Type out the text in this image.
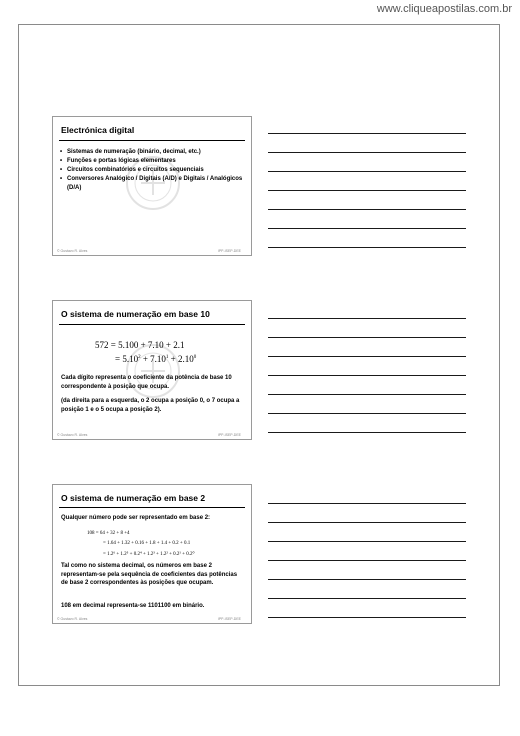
www.cliqueapostilas.com.br
Electrónica digital
• Sistemas de numeração (binário, decimal, etc.)
• Funções e portas lógicas elementares
• Circuitos combinatórios e circuitos sequenciais
• Conversores Analógico / Digitais (A/D) e Digitais / Analógicos (D/A)
© Gustavo R. Alves	IPP-ISEP-DEE
O sistema de numeração em base 10
572 = 5.100 + 7.10 + 2.1
= $5.10^2 + 7.10^1 + 2.10^0$
Cada dígito representa o coeficiente da potência de base 10 correspondente à posição que ocupa.
(da direita para a esquerda, o 2 ocupa a posição 0, o 7 ocupa a posição 1 e o 5 ocupa a posição 2).
© Gustavo R. Alves	IPP-ISEP-DEE
O sistema de numeração em base 2
Qualquer número pode ser representado em base 2:
108 = 64 + 32 + 8 +4
= 1.64 + 1.32 + 0.16 + 1.8 + 1.4 + 0.2 + 0.1
= 1.2⁶ + 1.2⁵ + 0.2⁴ + 1.2³ + 1.2² + 0.2¹ + 0.2⁰
Tal como no sistema decimal, os números em base 2 representam-se pela sequência de coeficientes das potências de base 2 correspondentes às posições que ocupam.
108 em decimal representa-se 1101100 em binário.
© Gustavo R. Alves	IPP-ISEP-DEE
